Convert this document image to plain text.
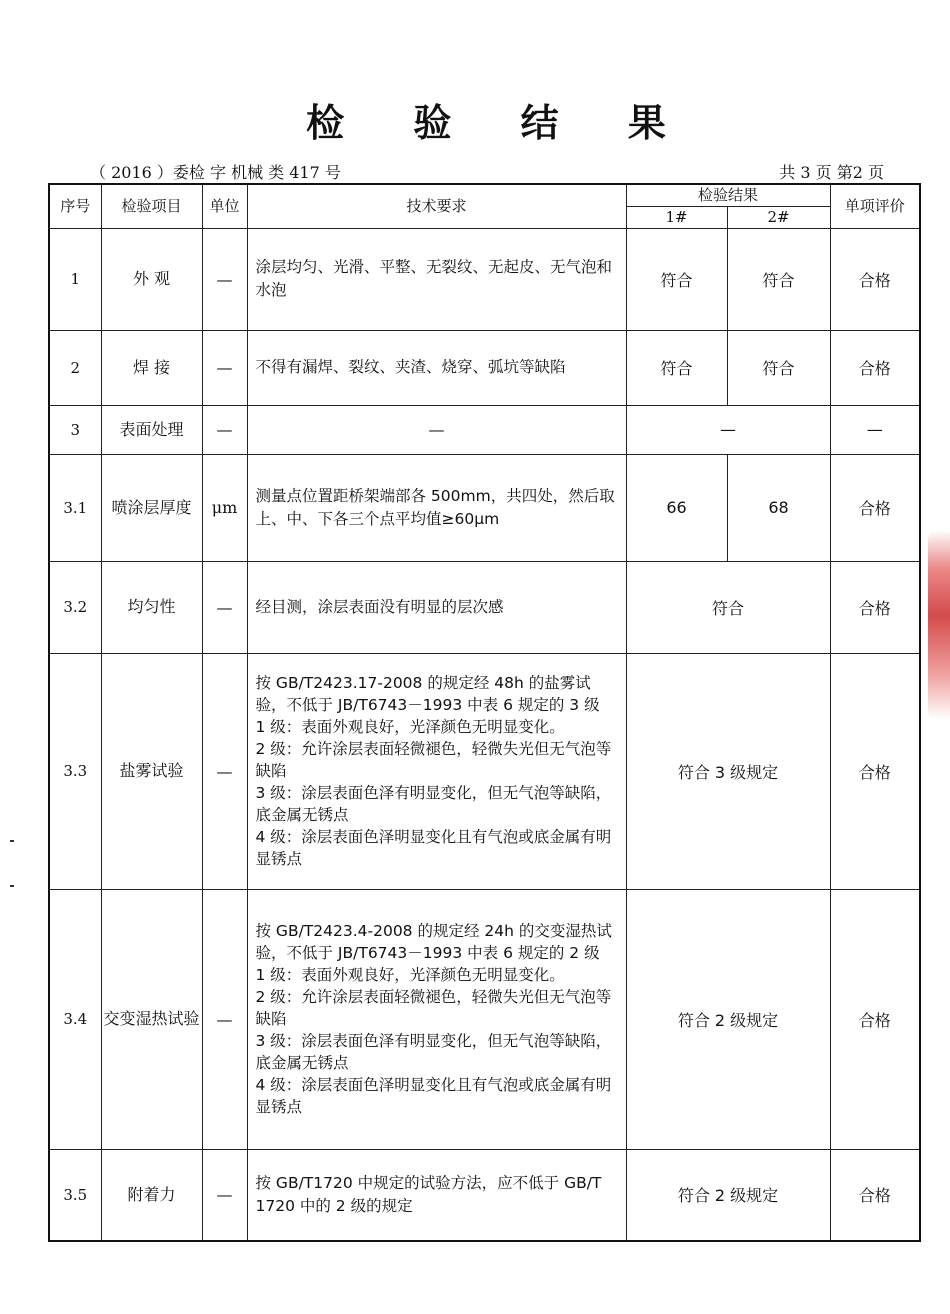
检 验 结 果
（ 2016 ）委检 字 机械 类 417 号	共 3 页 第2 页
序号	检验项目	单位	技术要求	检验结果		单项评价
				1#	2#	
1	外 观	—	涂层均匀、光滑、平整、无裂纹、无起皮、无气泡和水泡	符合	符合	合格
2	焊 接	—	不得有漏焊、裂纹、夹渣、烧穿、弧坑等缺陷	符合	符合	合格
3	表面处理	—	—	—		—
3.1	喷涂层厚度	μm	测量点位置距桥架端部各 500mm，共四处，然后取上、中、下各三个点平均值≥60μm	66	68	合格
3.2	均匀性	—	经目测，涂层表面没有明显的层次感	符合		合格
3.3	盐雾试验	—	按 GB/T2423.17-2008 的规定经 48h 的盐雾试验，不低于 JB/T6743－1993 中表 6 规定的 3 级
1 级：表面外观良好，光泽颜色无明显变化。
2 级：允许涂层表面轻微褪色，轻微失光但无气泡等缺陷
3 级：涂层表面色泽有明显变化，但无气泡等缺陷，底金属无锈点
4 级：涂层表面色泽明显变化且有气泡或底金属有明显锈点	符合 3 级规定		合格
3.4	交变湿热试验	—	按 GB/T2423.4-2008 的规定经 24h 的交变湿热试验，不低于 JB/T6743－1993 中表 6 规定的 2 级
1 级：表面外观良好，光泽颜色无明显变化。
2 级：允许涂层表面轻微褪色，轻微失光但无气泡等缺陷
3 级：涂层表面色泽有明显变化，但无气泡等缺陷，底金属无锈点
4 级：涂层表面色泽明显变化且有气泡或底金属有明显锈点	符合 2 级规定		合格
3.5	附着力	—	按 GB/T1720 中规定的试验方法，应不低于 GB/T 1720 中的 2 级的规定	符合 2 级规定		合格
